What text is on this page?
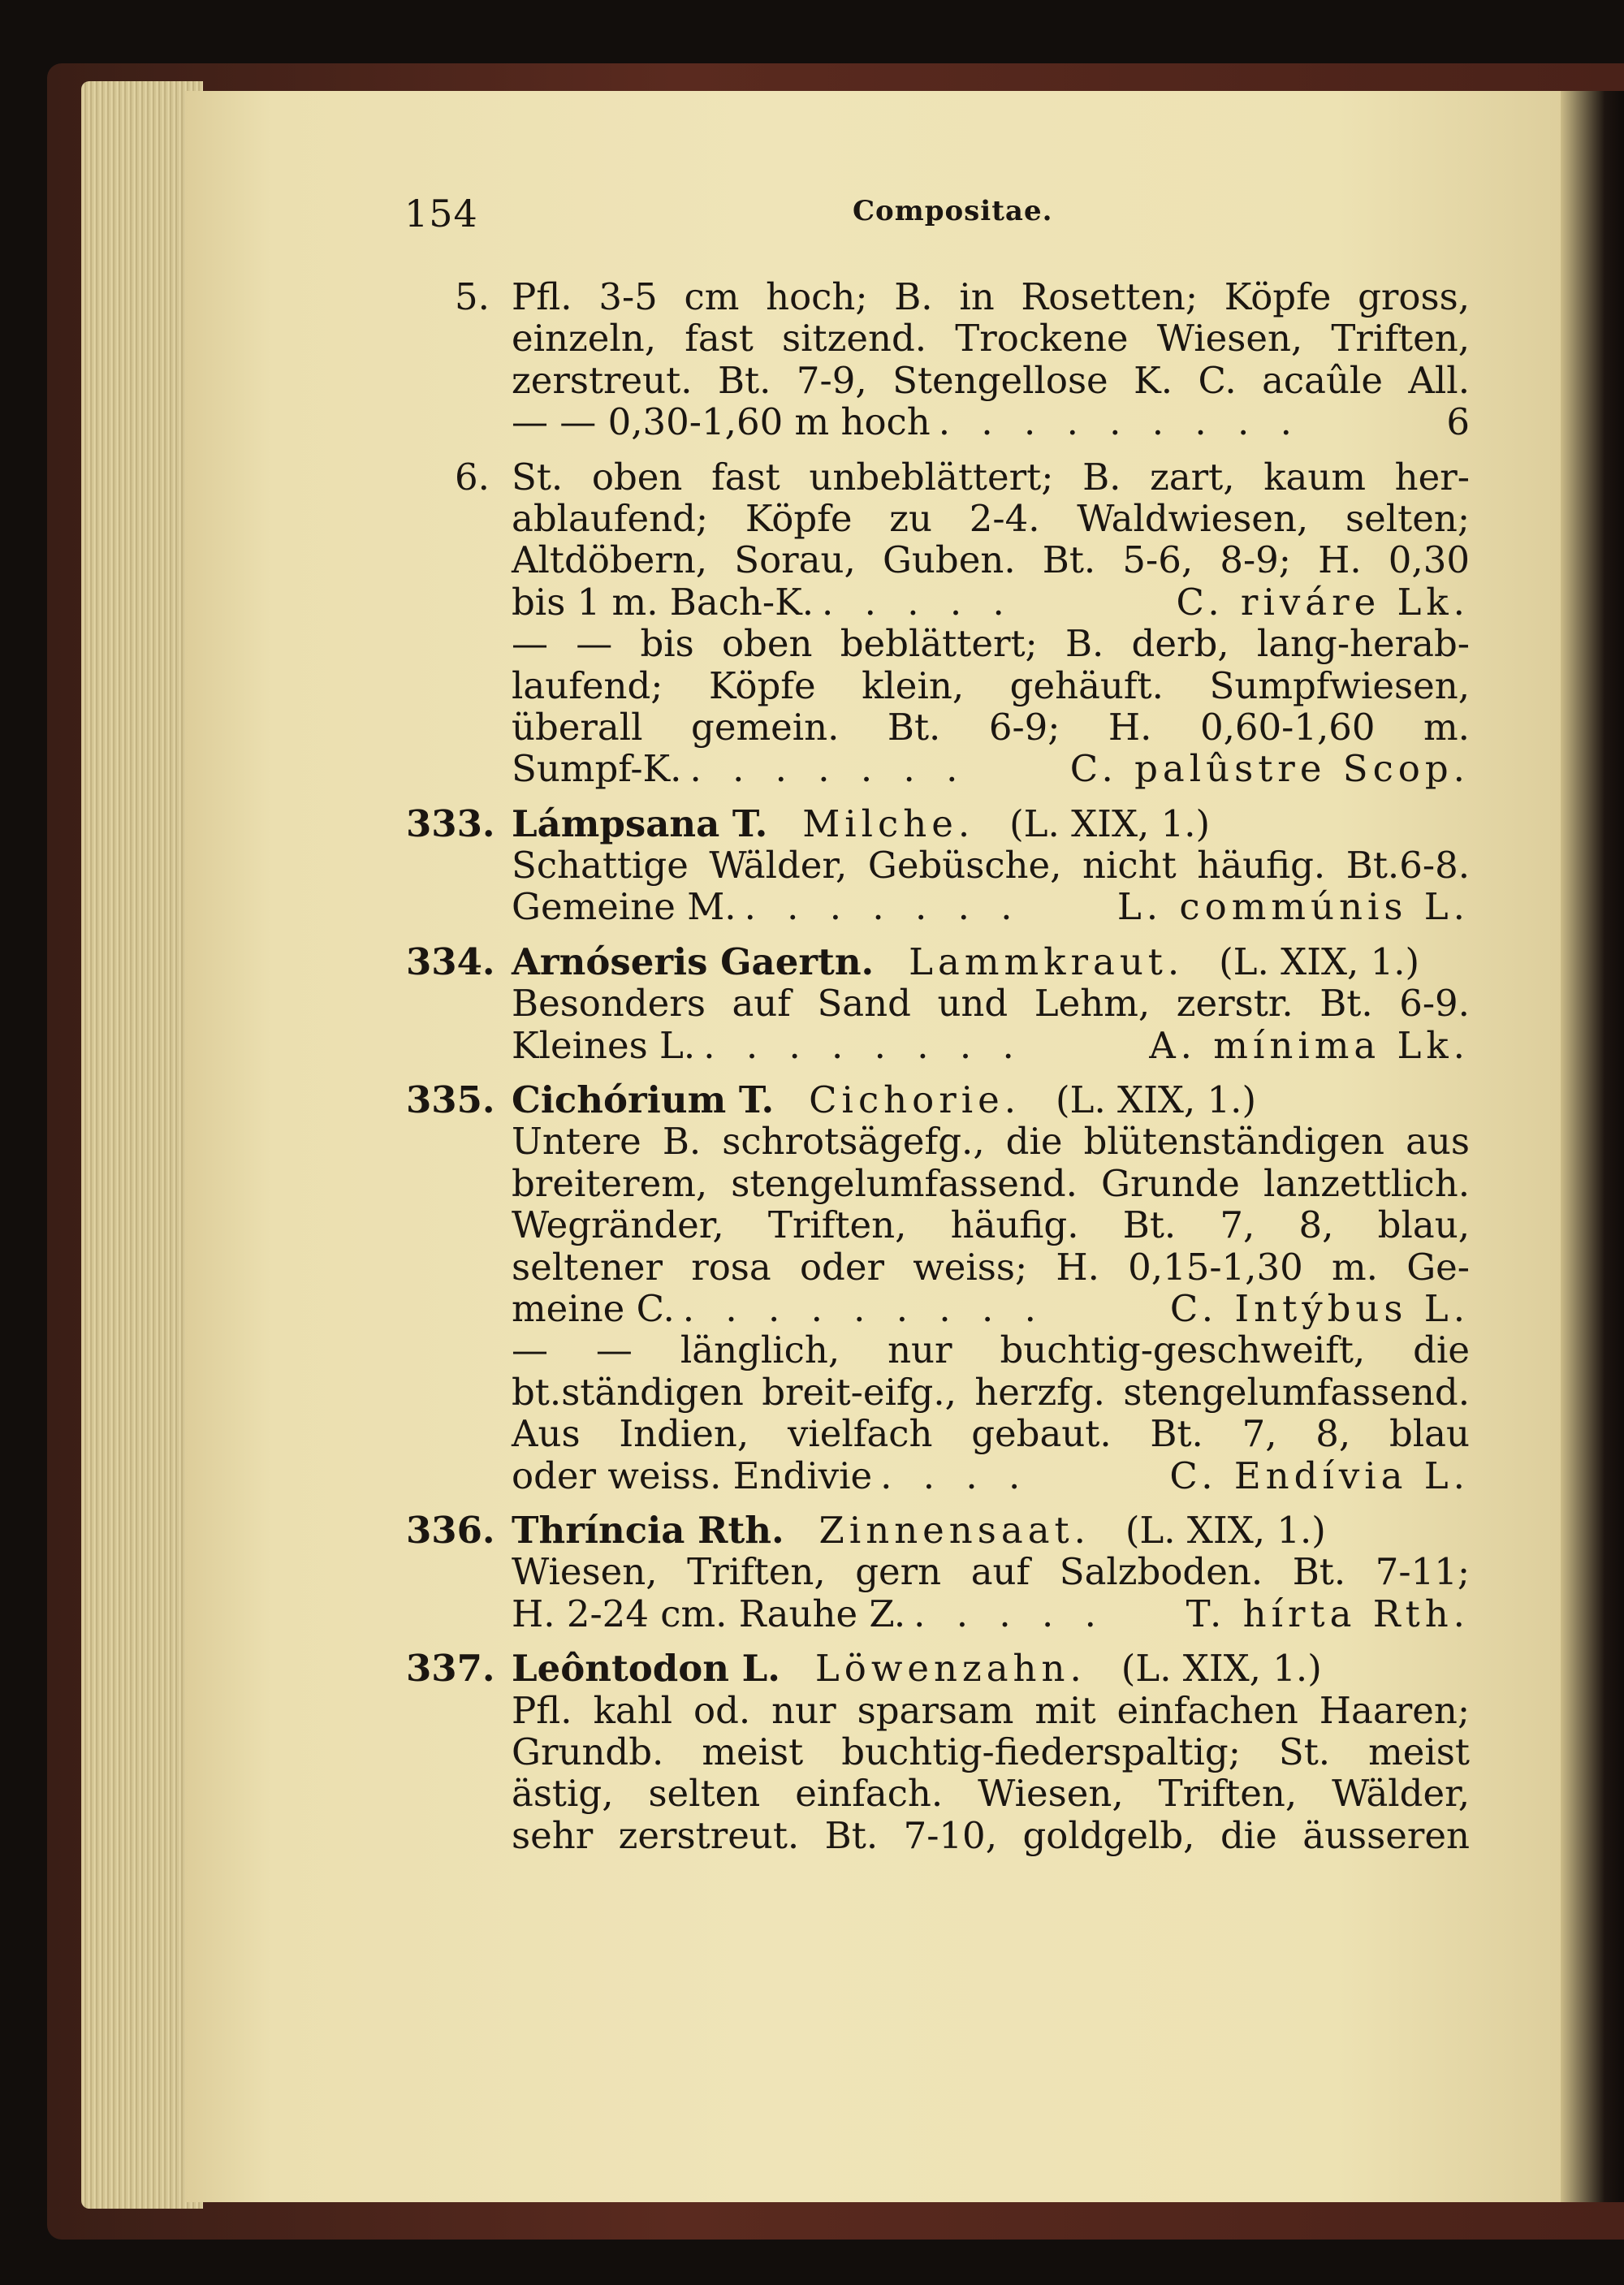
154	Compositae.
5. Pfl. 3-5 cm hoch; B. in Rosetten; Köpfe gross,
einzeln, fast sitzend. Trockene Wiesen, Triften,
zerstreut. Bt. 7-9, Stengellose K. C. acaûle All.
— — 0,30-1,60 m hoch . . . . . . . . .	6
6. St. oben fast unbeblättert; B. zart, kaum her-
ablaufend; Köpfe zu 2-4. Waldwiesen, selten;
Altdöbern, Sorau, Guben. Bt. 5-6, 8-9; H. 0,30
bis 1 m. Bach-K. . . . . .	C. riváre Lk.
— — bis oben beblättert; B. derb, lang-herab-
laufend; Köpfe klein, gehäuft. Sumpfwiesen,
überall gemein. Bt. 6-9; H. 0,60-1,60 m.
Sumpf-K. . . . . . . .	C. palûstre Scop.
333. Lámpsana T. Milche. (L. XIX, 1.)
Schattige Wälder, Gebüsche, nicht häufig. Bt.6-8.
Gemeine M. . . . . . . .	L. commúnis L.
334. Arnóseris Gaertn. Lammkraut. (L. XIX, 1.)
Besonders auf Sand und Lehm, zerstr. Bt. 6-9.
Kleines L. . . . . . . . .	A. mínima Lk.
335. Cichórium T. Cichorie. (L. XIX, 1.)
Untere B. schrotsägefg., die blütenständigen aus
breiterem, stengelumfassend. Grunde lanzettlich.
Wegränder, Triften, häufig. Bt. 7, 8, blau,
seltener rosa oder weiss; H. 0,15-1,30 m. Ge-
meine C. . . . . . . . . .	C. Intýbus L.
— — länglich, nur buchtig-geschweift, die
bt.ständigen breit-eifg., herzfg. stengelumfassend.
Aus Indien, vielfach gebaut. Bt. 7, 8, blau
oder weiss. Endivie . . . .	C. Endívia L.
336. Thríncia Rth. Zinnensaat. (L. XIX, 1.)
Wiesen, Triften, gern auf Salzboden. Bt. 7-11;
H. 2-24 cm. Rauhe Z. . . . . .	T. hírta Rth.
337. Leôntodon L. Löwenzahn. (L. XIX, 1.)
Pfl. kahl od. nur sparsam mit einfachen Haaren;
Grundb. meist buchtig-fiederspaltig; St. meist
ästig, selten einfach. Wiesen, Triften, Wälder,
sehr zerstreut. Bt. 7-10, goldgelb, die äusseren
